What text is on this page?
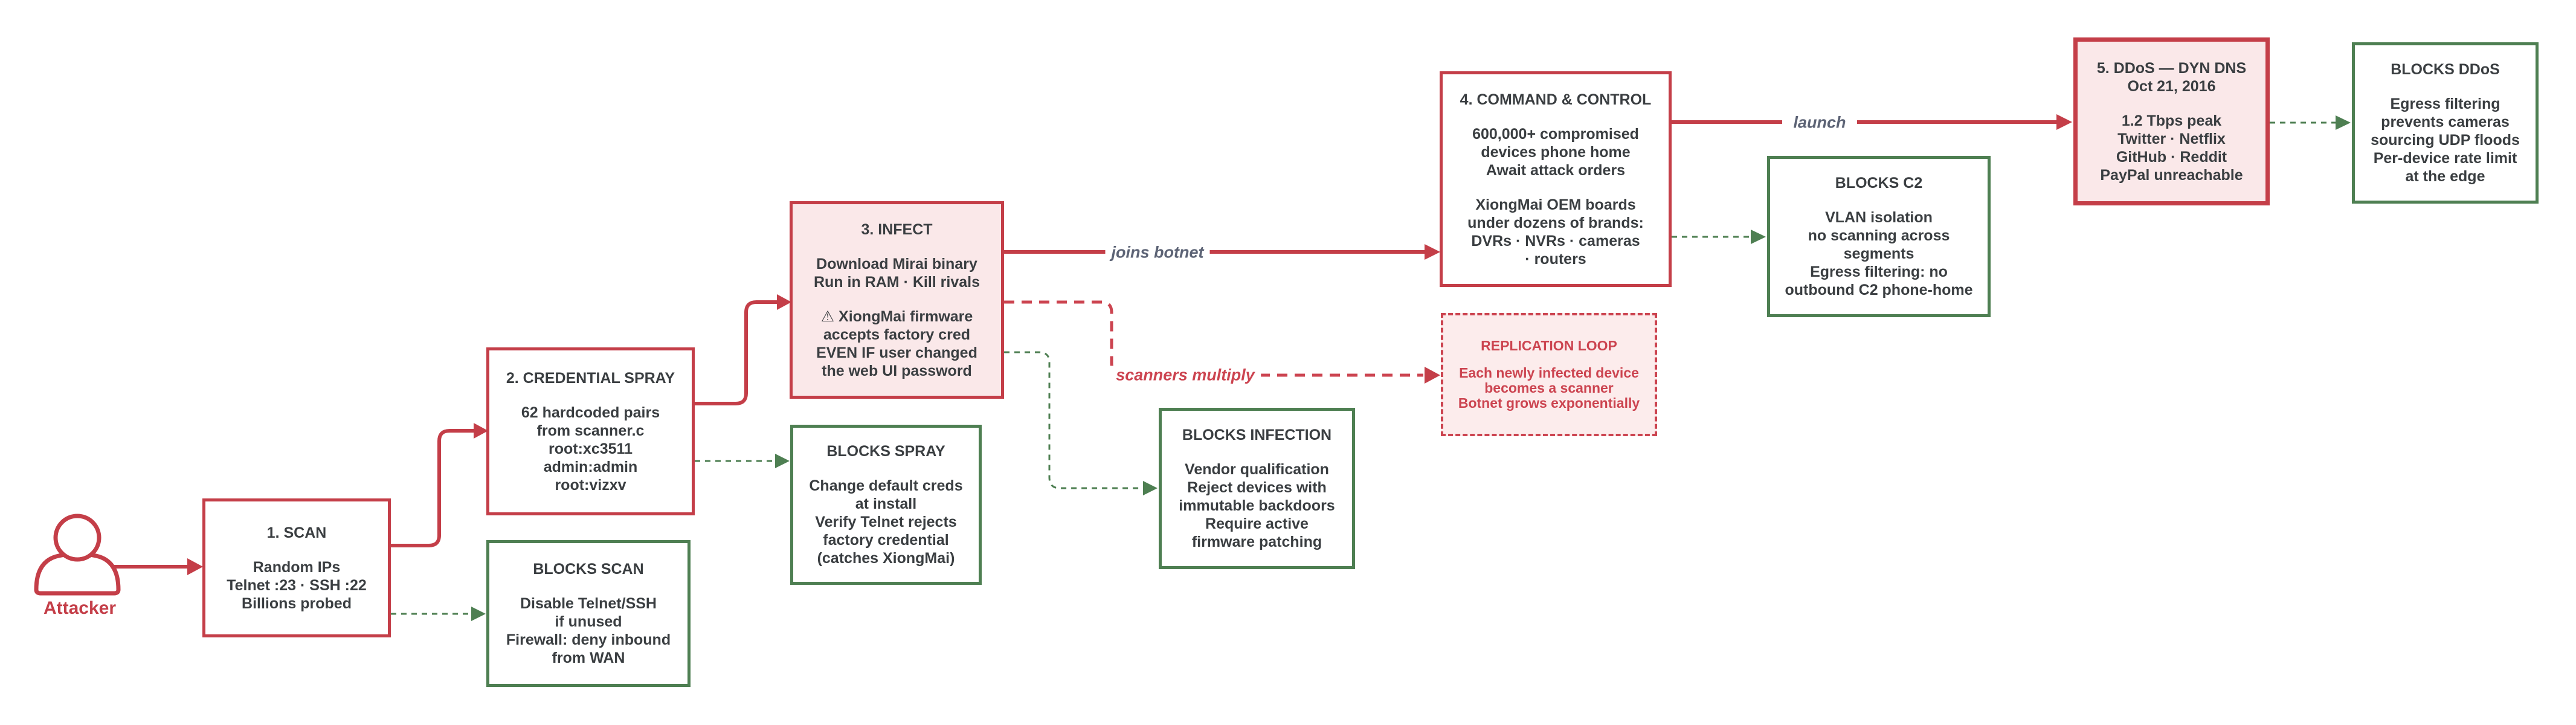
1. SCAN
Random IPs
Telnet :23 · SSH :22
Billions probed
BLOCKS SCAN
Disable Telnet/SSH
if unused
Firewall: deny inbound
from WAN
2. CREDENTIAL SPRAY
62 hardcoded pairs
from scanner.c
root:xc3511
admin:admin
root:vizxv
BLOCKS SPRAY
Change default creds
at install
Verify Telnet rejects
factory credential
(catches XiongMai)
3. INFECT
Download Mirai binary
Run in RAM · Kill rivals
⚠ XiongMai firmware
accepts factory cred
EVEN IF user changed
the web UI password
BLOCKS INFECTION
Vendor qualification
Reject devices with
immutable backdoors
Require active
firmware patching
REPLICATION LOOP
Each newly infected device
becomes a scanner
Botnet grows exponentially
4. COMMAND & CONTROL
600,000+ compromised
devices phone home
Await attack orders
XiongMai OEM boards
under dozens of brands:
DVRs · NVRs · cameras
· routers
BLOCKS C2
VLAN isolation
no scanning across
segments
Egress filtering: no
outbound C2 phone-home
5. DDoS — DYN DNS
Oct 21, 2016
1.2 Tbps peak
Twitter · Netflix
GitHub · Reddit
PayPal unreachable
BLOCKS DDoS
Egress filtering
prevents cameras
sourcing UDP floods
Per-device rate limit
at the edge
Attacker
joins botnet
scanners multiply
launch
